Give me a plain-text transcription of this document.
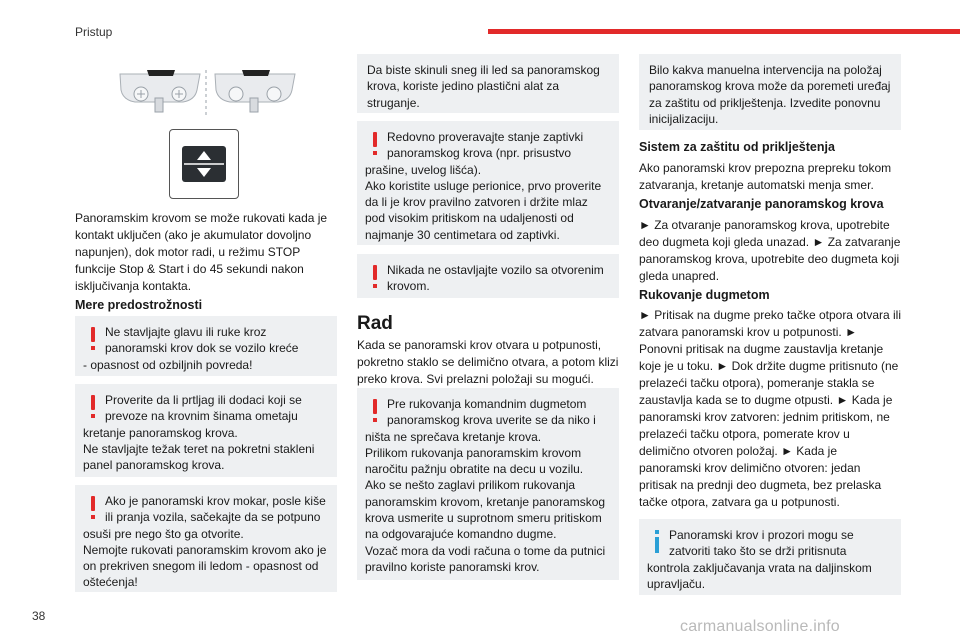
Pristup

Panoramskim krovom se može rukovati kada je kontakt uključen (ako je akumulator dovoljno napunjen), dok motor radi, u režimu STOP funkcije Stop & Start i do 45 sekundi nakon isključivanja kontakta.

Mere predostrožnosti
Ne stavljajte glavu ili ruke kroz
panoramski krov dok se vozilo kreće
- opasnost od ozbiljnih povreda!
Proverite da li prtljag ili dodaci koji se
prevoze na krovnim šinama ometaju
kretanje panoramskog krova.
Ne stavljajte težak teret na pokretni stakleni
panel panoramskog krova.
Ako je panoramski krov mokar, posle kiše
ili pranja vozila, sačekajte da se potpuno
osuši pre nego što ga otvorite.
Nemojte rukovati panoramskim krovom ako je
on prekriven snegom ili ledom - opasnost od
oštećenja!
Da biste skinuli sneg ili led sa panoramskog
krova, koriste jedino plastični alat za
struganje.
Redovno proveravajte stanje zaptivki
panoramskog krova (npr. prisustvo
prašine, uvelog lišća).
Ako koristite usluge perionice, prvo proverite
da li je krov pravilno zatvoren i držite mlaz
pod visokim pritiskom na udaljenosti od
najmanje 30 centimetara od zaptivki.
Nikada ne ostavljajte vozilo sa otvorenim
krovom.
Rad

Kada se panoramski krov otvara u potpunosti, pokretno staklo se delimično otvara, a potom klizi preko krova. Svi prelazni položaji su mogući.

Pre rukovanja komandnim dugmetom
panoramskog krova uverite se da niko i
ništa ne sprečava kretanje krova.
Prilikom rukovanja panoramskim krovom
naročitu pažnju obratite na decu u vozilu.
Ako se nešto zaglavi prilikom rukovanja
panoramskim krovom, kretanje panoramskog
krova usmerite u suprotnom smeru pritiskom
na odgovarajuće komandno dugme.
Vozač mora da vodi računa o tome da putnici
pravilno koriste panoramski krov.
Bilo kakva manuelna intervencija na položaj
panoramskog krova može da poremeti uređaj
za zaštitu od priklještenja. Izvedite ponovnu
inicijalizaciju.
Sistem za zaštitu od priklještenja

Ako panoramski krov prepozna prepreku tokom zatvaranja, kretanje automatski menja smer.

Otvaranje/zatvaranje panoramskog krova

► Za otvaranje panoramskog krova, upotrebite deo dugmeta koji gleda unazad. ► Za zatvaranje panoramskog krova, upotrebite deo dugmeta koji gleda unapred.

Rukovanje dugmetom

► Pritisak na dugme preko tačke otpora otvara ili zatvara panoramski krov u potpunosti. ► Ponovni pritisak na dugme zaustavlja kretanje koje je u toku. ► Dok držite dugme pritisnuto (ne prelazeći tačku otpora), pomeranje stakla se zaustavlja kada se to dugme otpusti. ► Kada je panoramski krov zatvoren: jednim pritiskom, ne prelazeći tačku otpora, pomerate krov u delimično otvoren položaj. ► Kada je panoramski krov delimično otvoren: jedan pritisak na prednji deo dugmeta, bez prelaska tačke otpora, zatvara ga u potpunosti.

Panoramski krov i prozori mogu se
zatvoriti tako što se drži pritisnuta
kontrola zaključavanja vrata na daljinskom
upravljaču.
38
carmanualsonline.info
